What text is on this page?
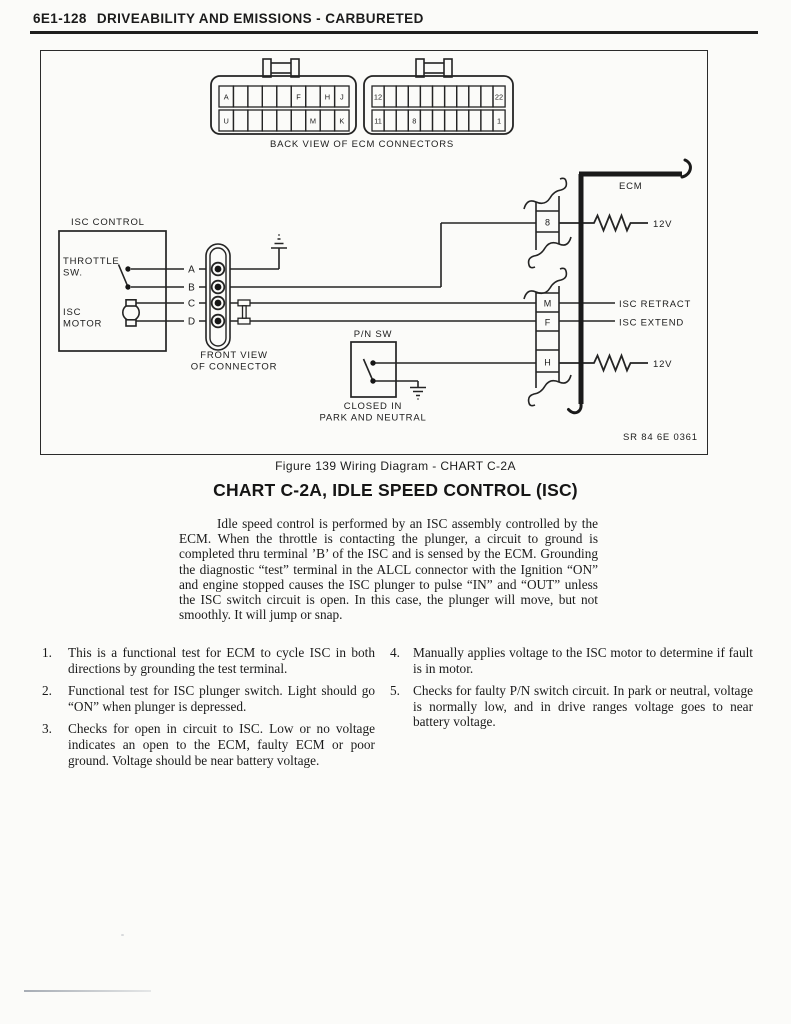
6E1-128 DRIVEABILITY AND EMISSIONS - CARBURETED
A	F	H J
U	M	K
12	22
11	8	1
BACK VIEW OF ECM CONNECTORS
ISC CONTROL
THROTTLE
SW.
ISC
MOTOR
A
B
C
D
FRONT VIEW
OF CONNECTOR
P/N SW
CLOSED IN
PARK AND NEUTRAL
8
M
F
H
ECM
12V
ISC RETRACT
ISC EXTEND
12V
SR 84 6E 0361
Figure 139 Wiring Diagram - CHART C-2A
CHART C-2A, IDLE SPEED CONTROL (ISC)

Idle speed control is performed by an ISC assembly controlled by the ECM. When the throttle is contacting the plunger, a circuit to ground is completed thru terminal ’B’ of the ISC and is sensed by the ECM. Grounding the diagnostic “test” terminal in the ALCL connector with the Ignition “ON” and engine stopped causes the ISC plunger to pulse “IN” and “OUT” unless the ISC switch circuit is open. In this case, the plunger will move, but not smoothly. It will jump or snap.

1.	This is a functional test for ECM to cycle ISC in both directions by grounding the test terminal.
2.	Functional test for ISC plunger switch. Light should go “ON” when plunger is depressed.
3.	Checks for open in circuit to ISC. Low or no voltage indicates an open to the ECM, faulty ECM or poor ground. Voltage should be near battery voltage.
4. Manually applies voltage to the ISC motor to determine if fault is in motor.
5. Checks for faulty P/N switch circuit. In park or neutral, voltage is normally low, and in drive ranges voltage goes to near battery voltage.
